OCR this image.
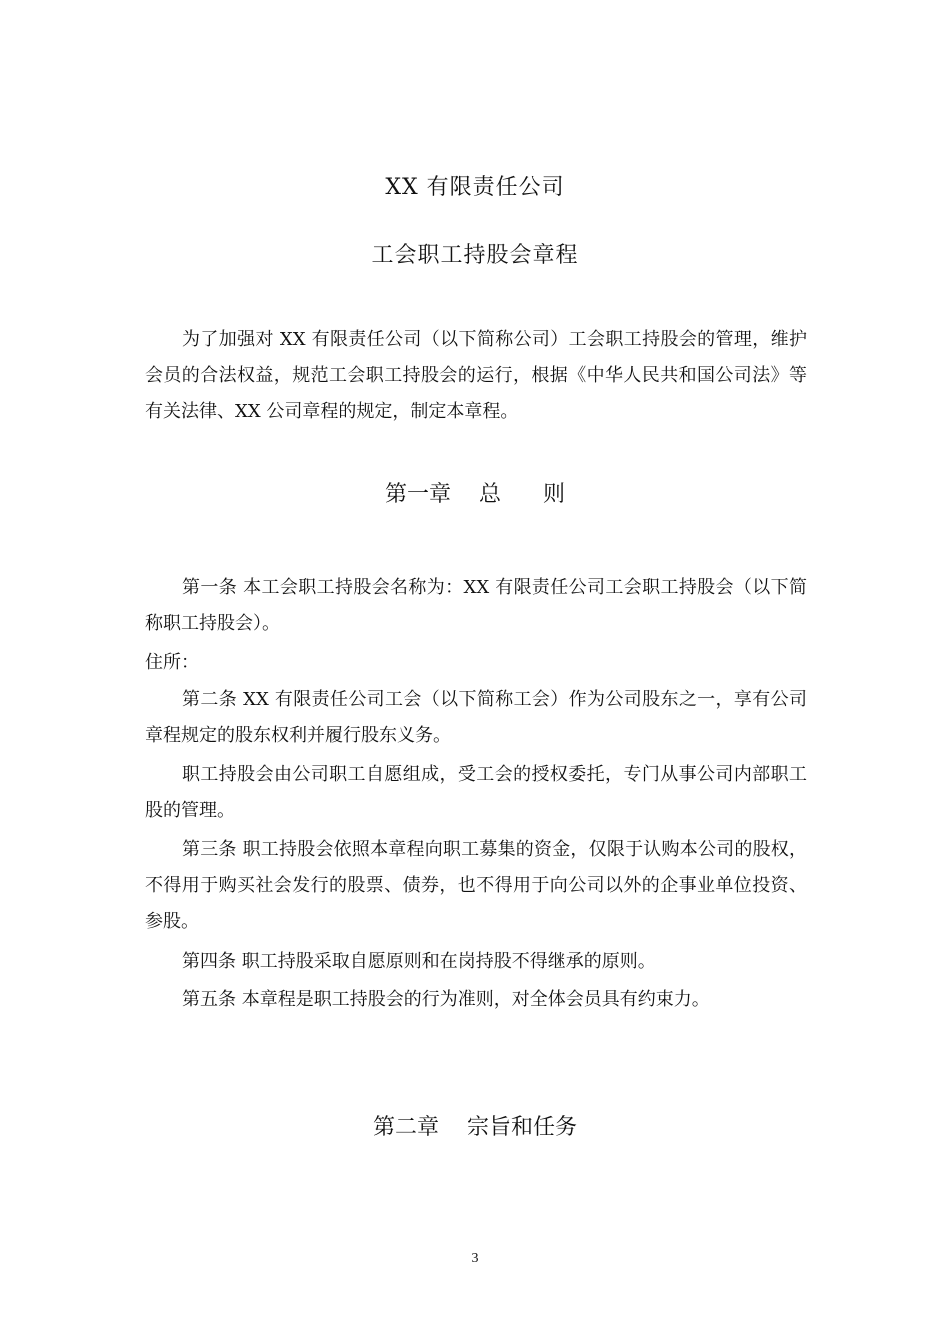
XX 有限责任公司
工会职工持股会章程
为了加强对 XX 有限责任公司（以下简称公司）工会职工持股会的管理，维护会员的合法权益，规范工会职工持股会的运行，根据《中华人民共和国公司法》等有关法律、XX 公司章程的规定，制定本章程。
第一章    总      则
第一条 本工会职工持股会名称为：XX 有限责任公司工会职工持股会（以下简称职工持股会）。
住所：
第二条 XX 有限责任公司工会（以下简称工会）作为公司股东之一，享有公司章程规定的股东权利并履行股东义务。
职工持股会由公司职工自愿组成，受工会的授权委托，专门从事公司内部职工股的管理。
第三条 职工持股会依照本章程向职工募集的资金，仅限于认购本公司的股权，不得用于购买社会发行的股票、债券，也不得用于向公司以外的企事业单位投资、参股。
第四条 职工持股采取自愿原则和在岗持股不得继承的原则。
第五条 本章程是职工持股会的行为准则，对全体会员具有约束力。
第二章    宗旨和任务
3
